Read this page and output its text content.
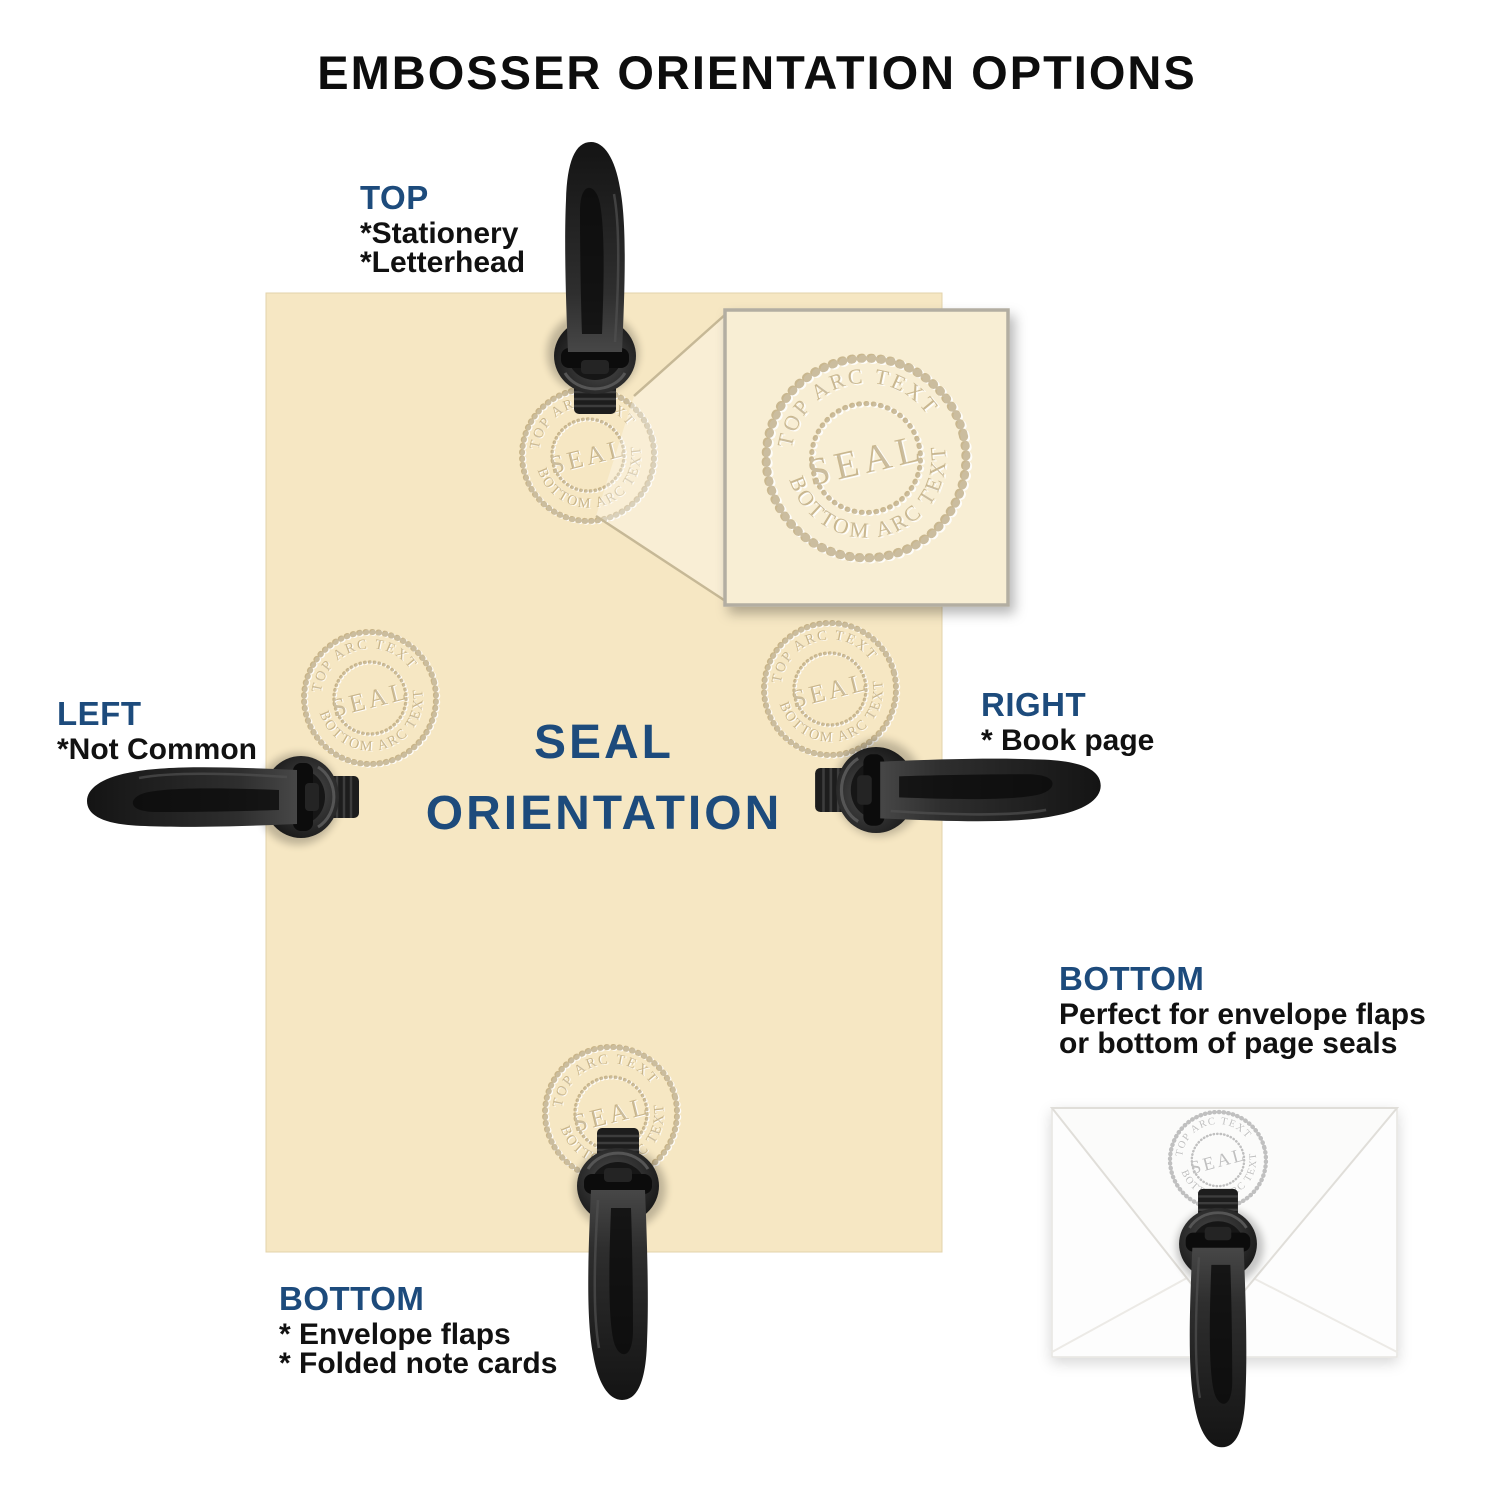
TOP ARC TEXT
BOTTOM ARC TEXT
SEAL
EMBOSSER ORIENTATION OPTIONS
TOP
*Stationery
*Letterhead
LEFT
*Not Common
RIGHT
* Book page
BOTTOM
* Envelope flaps
* Folded note cards
BOTTOM
Perfect for envelope flaps
or bottom of page seals
SEAL
ORIENTATION
